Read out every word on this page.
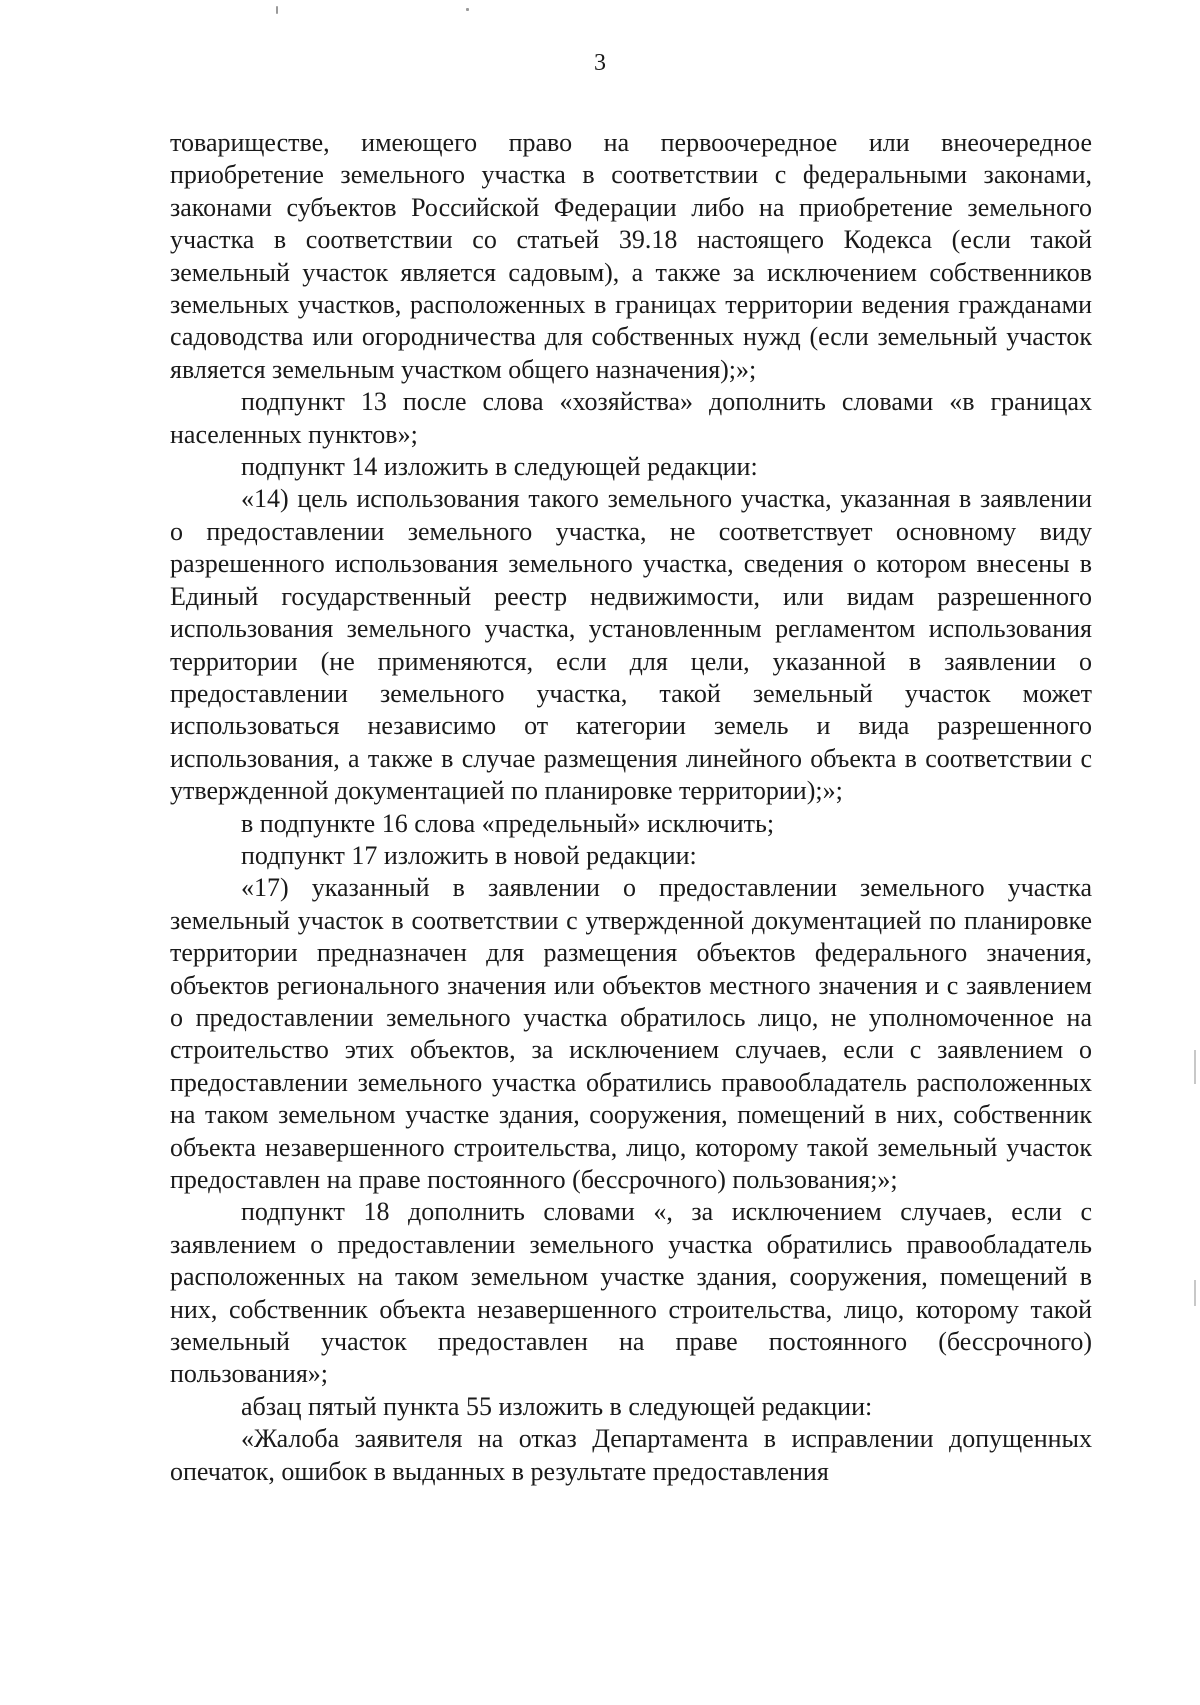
3

товариществе, имеющего право на первоочередное или внеочередное приобретение земельного участка в соответствии с федеральными законами, законами субъектов Российской Федерации либо на приобретение земельного участка в соответствии со статьей 39.18 настоящего Кодекса (если такой земельный участок является садовым), а также за исключением собственников земельных участков, расположенных в границах территории ведения гражданами садоводства или огородничества для собственных нужд (если земельный участок является земельным участком общего назначения);»;

подпункт 13 после слова «хозяйства» дополнить словами «в границах населенных пунктов»;

подпункт 14 изложить в следующей редакции:

«14) цель использования такого земельного участка, указанная в заявлении о предоставлении земельного участка, не соответствует основному виду разрешенного использования земельного участка, сведения о котором внесены в Единый государственный реестр недвижимости, или видам разрешенного использования земельного участка, установленным регламентом использования территории (не применяются, если для цели, указанной в заявлении о предоставлении земельного участка, такой земельный участок может использоваться независимо от категории земель и вида разрешенного использования, а также в случае размещения линейного объекта в соответствии с утвержденной документацией по планировке территории);»;

в подпункте 16 слова «предельный» исключить;

подпункт 17 изложить в новой редакции:

«17) указанный в заявлении о предоставлении земельного участка земельный участок в соответствии с утвержденной документацией по планировке территории предназначен для размещения объектов федерального значения, объектов регионального значения или объектов местного значения и с заявлением о предоставлении земельного участка обратилось лицо, не уполномоченное на строительство этих объектов, за исключением случаев, если с заявлением о предоставлении земельного участка обратились правообладатель расположенных на таком земельном участке здания, сооружения, помещений в них, собственник объекта незавершенного строительства, лицо, которому такой земельный участок предоставлен на праве постоянного (бессрочного) пользования;»;

подпункт 18 дополнить словами «, за исключением случаев, если с заявлением о предоставлении земельного участка обратились правообладатель расположенных на таком земельном участке здания, сооружения, помещений в них, собственник объекта незавершенного строительства, лицо, которому такой земельный участок предоставлен на праве постоянного (бессрочного) пользования»;

абзац пятый пункта 55 изложить в следующей редакции:

«Жалоба заявителя на отказ Департамента в исправлении допущенных опечаток, ошибок в выданных в результате предоставления
